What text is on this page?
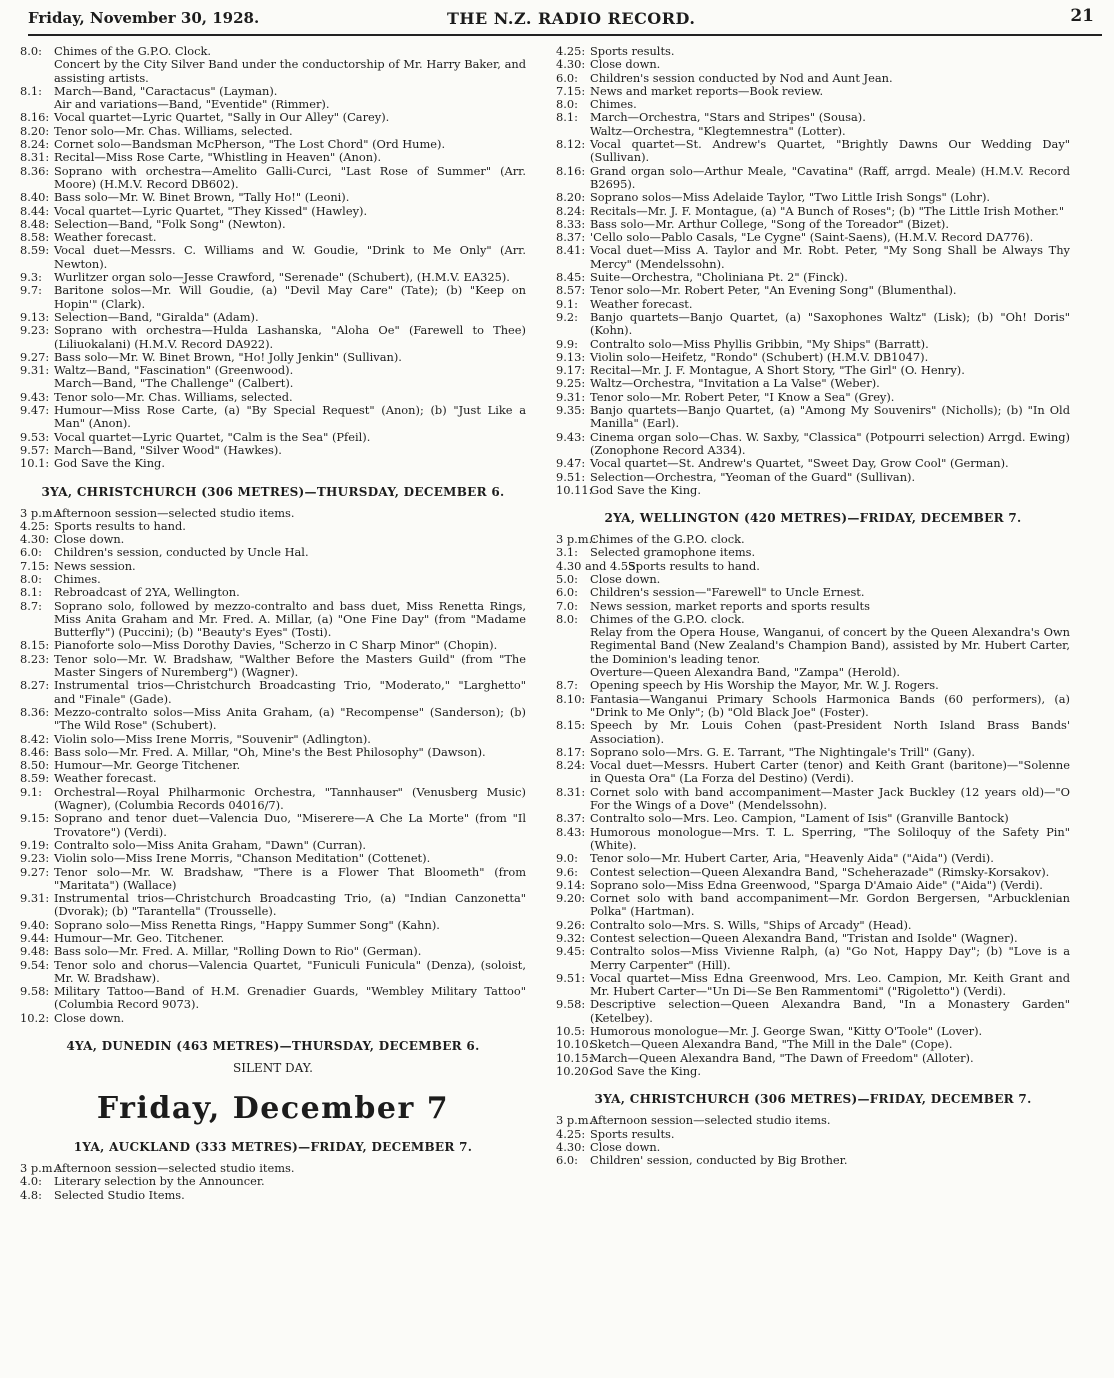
Friday, November 30, 1928.	THE N.Z. RADIO RECORD.	21
8.0: Chimes of the G.P.O. Clock.
Concert by the City Silver Band under the conductorship of Mr. Harry Baker, and assisting artists.
8.1: March—Band, "Caractacus" (Layman).
Air and variations—Band, "Eventide" (Rimmer).
8.16: Vocal quartet—Lyric Quartet, "Sally in Our Alley" (Carey).
8.20: Tenor solo—Mr. Chas. Williams, selected.
8.24: Cornet solo—Bandsman McPherson, "The Lost Chord" (Ord Hume).
8.31: Recital—Miss Rose Carte, "Whistling in Heaven" (Anon).
8.36: Soprano with orchestra—Amelito Galli-Curci, "Last Rose of Summer" (Arr. Moore) (H.M.V. Record DB602).
8.40: Bass solo—Mr. W. Binet Brown, "Tally Ho!" (Leoni).
8.44: Vocal quartet—Lyric Quartet, "They Kissed" (Hawley).
8.48: Selection—Band, "Folk Song" (Newton).
8.58: Weather forecast.
8.59: Vocal duet—Messrs. C. Williams and W. Goudie, "Drink to Me Only" (Arr. Newton).
9.3: Wurlitzer organ solo—Jesse Crawford, "Serenade" (Schubert), (H.M.V. EA325).
9.7: Baritone solos—Mr. Will Goudie, (a) "Devil May Care" (Tate); (b) "Keep on Hopin'" (Clark).
9.13: Selection—Band, "Giralda" (Adam).
9.23: Soprano with orchestra—Hulda Lashanska, "Aloha Oe" (Farewell to Thee) (Liliuokalani) (H.M.V. Record DA922).
9.27: Bass solo—Mr. W. Binet Brown, "Ho! Jolly Jenkin" (Sullivan).
9.31: Waltz—Band, "Fascination" (Greenwood).
March—Band, "The Challenge" (Calbert).
9.43: Tenor solo—Mr. Chas. Williams, selected.
9.47: Humour—Miss Rose Carte, (a) "By Special Request" (Anon); (b) "Just Like a Man" (Anon).
9.53: Vocal quartet—Lyric Quartet, "Calm is the Sea" (Pfeil).
9.57: March—Band, "Silver Wood" (Hawkes).
10.1: God Save the King.
3YA, CHRISTCHURCH (306 METRES)—THURSDAY, DECEMBER 6.
3 p.m.:
Afternoon session—selected studio items.
4.25: Sports results to hand.
4.30: Close down.
6.0: Children's session, conducted by Uncle Hal.
7.15: News session.
8.0: Chimes.
8.1: Rebroadcast of 2YA, Wellington.
8.7: Soprano solo, followed by mezzo-contralto and bass duet, Miss Renetta Rings, Miss Anita Graham and Mr. Fred. A. Millar, (a) "One Fine Day" (from "Madame Butterfly") (Puccini); (b) "Beauty's Eyes" (Tosti).
8.15: Pianoforte solo—Miss Dorothy Davies, "Scherzo in C Sharp Minor" (Chopin).
8.23: Tenor solo—Mr. W. Bradshaw, "Walther Before the Masters Guild" (from "The Master Singers of Nuremberg") (Wagner).
8.27: Instrumental trios—Christchurch Broadcasting Trio, "Moderato," "Larghetto" and "Finale" (Gade).
8.36: Mezzo-contralto solos—Miss Anita Graham, (a) "Recompense" (Sanderson); (b) "The Wild Rose" (Schubert).
8.42: Violin solo—Miss Irene Morris, "Souvenir" (Adlington).
8.46: Bass solo—Mr. Fred. A. Millar, "Oh, Mine's the Best Philosophy" (Dawson).
8.50: Humour—Mr. George Titchener.
8.59: Weather forecast.
9.1: Orchestral—Royal Philharmonic Orchestra, "Tannhauser" (Venusberg Music) (Wagner), (Columbia Records 04016/7).
9.15: Soprano and tenor duet—Valencia Duo, "Miserere—A Che La Morte" (from "Il Trovatore") (Verdi).
9.19: Contralto solo—Miss Anita Graham, "Dawn" (Curran).
9.23: Violin solo—Miss Irene Morris, "Chanson Meditation" (Cottenet).
9.27: Tenor solo—Mr. W. Bradshaw, "There is a Flower That Bloometh" (from "Maritata") (Wallace)
9.31: Instrumental trios—Christchurch Broadcasting Trio, (a) "Indian Canzonetta" (Dvorak); (b) "Tarantella" (Trousselle).
9.40: Soprano solo—Miss Renetta Rings, "Happy Summer Song" (Kahn).
9.44: Humour—Mr. Geo. Titchener.
9.48: Bass solo—Mr. Fred. A. Millar, "Rolling Down to Rio" (German).
9.54: Tenor solo and chorus—Valencia Quartet, "Funiculi Funicula" (Denza), (soloist, Mr. W. Bradshaw).
9.58: Military Tattoo—Band of H.M. Grenadier Guards, "Wembley Military Tattoo" (Columbia Record 9073).
10.2: Close down.
4YA, DUNEDIN (463 METRES)—THURSDAY, DECEMBER 6.
SILENT DAY.
Friday, December 7
1YA, AUCKLAND (333 METRES)—FRIDAY, DECEMBER 7.
3 p.m.:
Afternoon session—selected studio items.
4.0: Literary selection by the Announcer.
4.8: Selected Studio Items.
4.25: Sports results.
4.30: Close down.
6.0: Children's session conducted by Nod and Aunt Jean.
7.15: News and market reports—Book review.
8.0: Chimes.
8.1: March—Orchestra, "Stars and Stripes" (Sousa).
Waltz—Orchestra, "Klegtemnestra" (Lotter).
8.12: Vocal quartet—St. Andrew's Quartet, "Brightly Dawns Our Wedding Day" (Sullivan).
8.16: Grand organ solo—Arthur Meale, "Cavatina" (Raff, arrgd. Meale) (H.M.V. Record B2695).
8.20: Soprano solos—Miss Adelaide Taylor, "Two Little Irish Songs" (Lohr).
8.24: Recitals—Mr. J. F. Montague, (a) "A Bunch of Roses"; (b) "The Little Irish Mother."
8.33: Bass solo—Mr. Arthur College, "Song of the Toreador" (Bizet).
8.37: 'Cello solo—Pablo Casals, "Le Cygne" (Saint-Saens), (H.M.V. Record DA776).
8.41: Vocal duet—Miss A. Taylor and Mr. Robt. Peter, "My Song Shall be Always Thy Mercy" (Mendelssohn).
8.45: Suite—Orchestra, "Choliniana Pt. 2" (Finck).
8.57: Tenor solo—Mr. Robert Peter, "An Evening Song" (Blumenthal).
9.1: Weather forecast.
9.2: Banjo quartets—Banjo Quartet, (a) "Saxophones Waltz" (Lisk); (b) "Oh! Doris" (Kohn).
9.9: Contralto solo—Miss Phyllis Gribbin, "My Ships" (Barratt).
9.13: Violin solo—Heifetz, "Rondo" (Schubert) (H.M.V. DB1047).
9.17: Recital—Mr. J. F. Montague, A Short Story, "The Girl" (O. Henry).
9.25: Waltz—Orchestra, "Invitation a La Valse" (Weber).
9.31: Tenor solo—Mr. Robert Peter, "I Know a Sea" (Grey).
9.35: Banjo quartets—Banjo Quartet, (a) "Among My Souvenirs" (Nicholls); (b) "In Old Manilla" (Earl).
9.43: Cinema organ solo—Chas. W. Saxby, "Classica" (Potpourri selection) Arrgd. Ewing) (Zonophone Record A334).
9.47: Vocal quartet—St. Andrew's Quartet, "Sweet Day, Grow Cool" (German).
9.51: Selection—Orchestra, "Yeoman of the Guard" (Sullivan).
10.11:
God Save the King.
2YA, WELLINGTON (420 METRES)—FRIDAY, DECEMBER 7.
3 p.m.:
Chimes of the G.P.O. clock.
3.1: Selected gramophone items.
4.30 and 4.55:
Sports results to hand.
5.0: Close down.
6.0: Children's session—"Farewell" to Uncle Ernest.
7.0: News session, market reports and sports results
8.0: Chimes of the G.P.O. clock.
Relay from the Opera House, Wanganui, of concert by the Queen Alexandra's Own Regimental Band (New Zealand's Champion Band), assisted by Mr. Hubert Carter, the Dominion's leading tenor.
Overture—Queen Alexandra Band, "Zampa" (Herold).
8.7: Opening speech by His Worship the Mayor, Mr. W. J. Rogers.
8.10: Fantasia—Wanganui Primary Schools Harmonica Bands (60 performers), (a) "Drink to Me Only"; (b) "Old Black Joe" (Foster).
8.15: Speech by Mr. Louis Cohen (past-President North Island Brass Bands' Association).
8.17: Soprano solo—Mrs. G. E. Tarrant, "The Nightingale's Trill" (Gany).
8.24: Vocal duet—Messrs. Hubert Carter (tenor) and Keith Grant (baritone)—"Solenne in Questa Ora" (La Forza del Destino) (Verdi).
8.31: Cornet solo with band accompaniment—Master Jack Buckley (12 years old)—"O For the Wings of a Dove" (Mendelssohn).
8.37: Contralto solo—Mrs. Leo. Campion, "Lament of Isis" (Granville Bantock)
8.43: Humorous monologue—Mrs. T. L. Sperring, "The Soliloquy of the Safety Pin" (White).
9.0: Tenor solo—Mr. Hubert Carter, Aria, "Heavenly Aida" ("Aida") (Verdi).
9.6: Contest selection—Queen Alexandra Band, "Scheherazade" (Rimsky-Korsakov).
9.14: Soprano solo—Miss Edna Greenwood, "Sparga D'Amaio Aide" ("Aida") (Verdi).
9.20: Cornet solo with band accompaniment—Mr. Gordon Bergersen, "Arbucklenian Polka" (Hartman).
9.26: Contralto solo—Mrs. S. Wills, "Ships of Arcady" (Head).
9.32: Contest selection—Queen Alexandra Band, "Tristan and Isolde" (Wagner).
9.45: Contralto solos—Miss Vivienne Ralph, (a) "Go Not, Happy Day"; (b) "Love is a Merry Carpenter" (Hill).
9.51: Vocal quartet—Miss Edna Greenwood, Mrs. Leo. Campion, Mr. Keith Grant and Mr. Hubert Carter—"Un Di—Se Ben Rammentomi" ("Rigoletto") (Verdi).
9.58: Descriptive selection—Queen Alexandra Band, "In a Monastery Garden" (Ketelbey).
10.5: Humorous monologue—Mr. J. George Swan, "Kitty O'Toole" (Lover).
10.10:
Sketch—Queen Alexandra Band, "The Mill in the Dale" (Cope).
10.15:
March—Queen Alexandra Band, "The Dawn of Freedom" (Alloter).
10.20:
God Save the King.
3YA, CHRISTCHURCH (306 METRES)—FRIDAY, DECEMBER 7.
3 p.m.:
Afternoon session—selected studio items.
4.25: Sports results.
4.30: Close down.
6.0: Children' session, conducted by Big Brother.
